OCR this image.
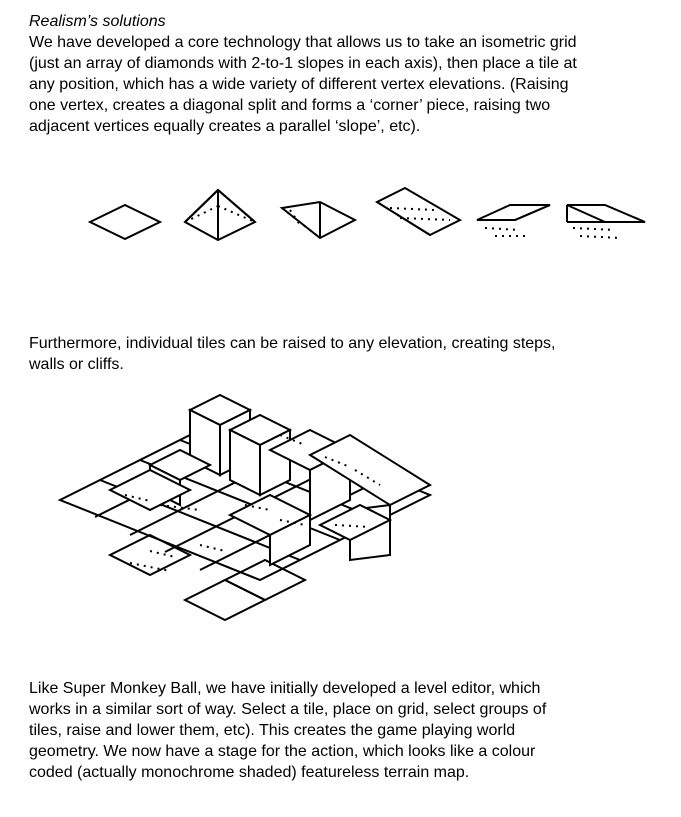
Realism’s solutions

We have developed a core technology that allows us to take an isometric grid
(just an array of diamonds with 2-to-1 slopes in each axis), then place a tile at
any position, which has a wide variety of different vertex elevations. (Raising
one vertex, creates a diagonal split and forms a ‘corner’ piece, raising two
adjacent vertices equally creates a parallel ‘slope’, etc).

Furthermore, individual tiles can be raised to any elevation, creating steps,
walls or cliffs.

Like Super Monkey Ball, we have initially developed a level editor, which
works in a similar sort of way. Select a tile, place on grid, select groups of
tiles, raise and lower them, etc). This creates the game playing world
geometry. We now have a stage for the action, which looks like a colour
coded (actually monochrome shaded) featureless terrain map.
